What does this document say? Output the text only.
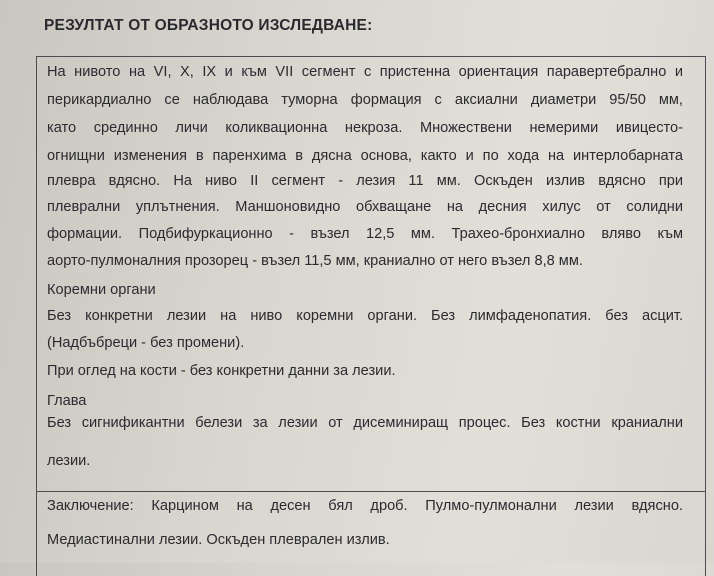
РЕЗУЛТАТ ОТ ОБРАЗНОТО ИЗСЛЕДВАНЕ:
На нивото на VI, X, IX и към VII сегмент с пристенна ориентация паравертебрално и
перикардиално се наблюдава туморна формация с аксиални диаметри 95/50 мм,
като срединно личи коликвационна некроза. Множествени немерими ивицесто-
огнищни изменения в паренхима в дясна основа, както и по хода на интерлобарната
плевра вдясно. На ниво II сегмент - лезия 11 мм. Оскъден излив вдясно при
плеврални уплътнения. Маншоновидно обхващане на десния хилус от солидни
формации. Подбифуркационно - възел 12,5 мм. Трахео-бронхиално вляво към
аорто-пулмоналния прозорец - възел 11,5 мм, краниално от него възел 8,8 мм.
Коремни органи
Без конкретни лезии на ниво коремни органи. Без лимфаденопатия. без асцит.
(Надбъбреци - без промени).
При оглед на кости - без конкретни данни за лезии.
Глава
Без сигнификантни белези за лезии от дисеминиращ процес. Без костни краниални
лезии.
Заключение: Карцином на десен бял дроб. Пулмо-пулмонални лезии вдясно.
Медиастинални лезии. Оскъден плеврален излив.
